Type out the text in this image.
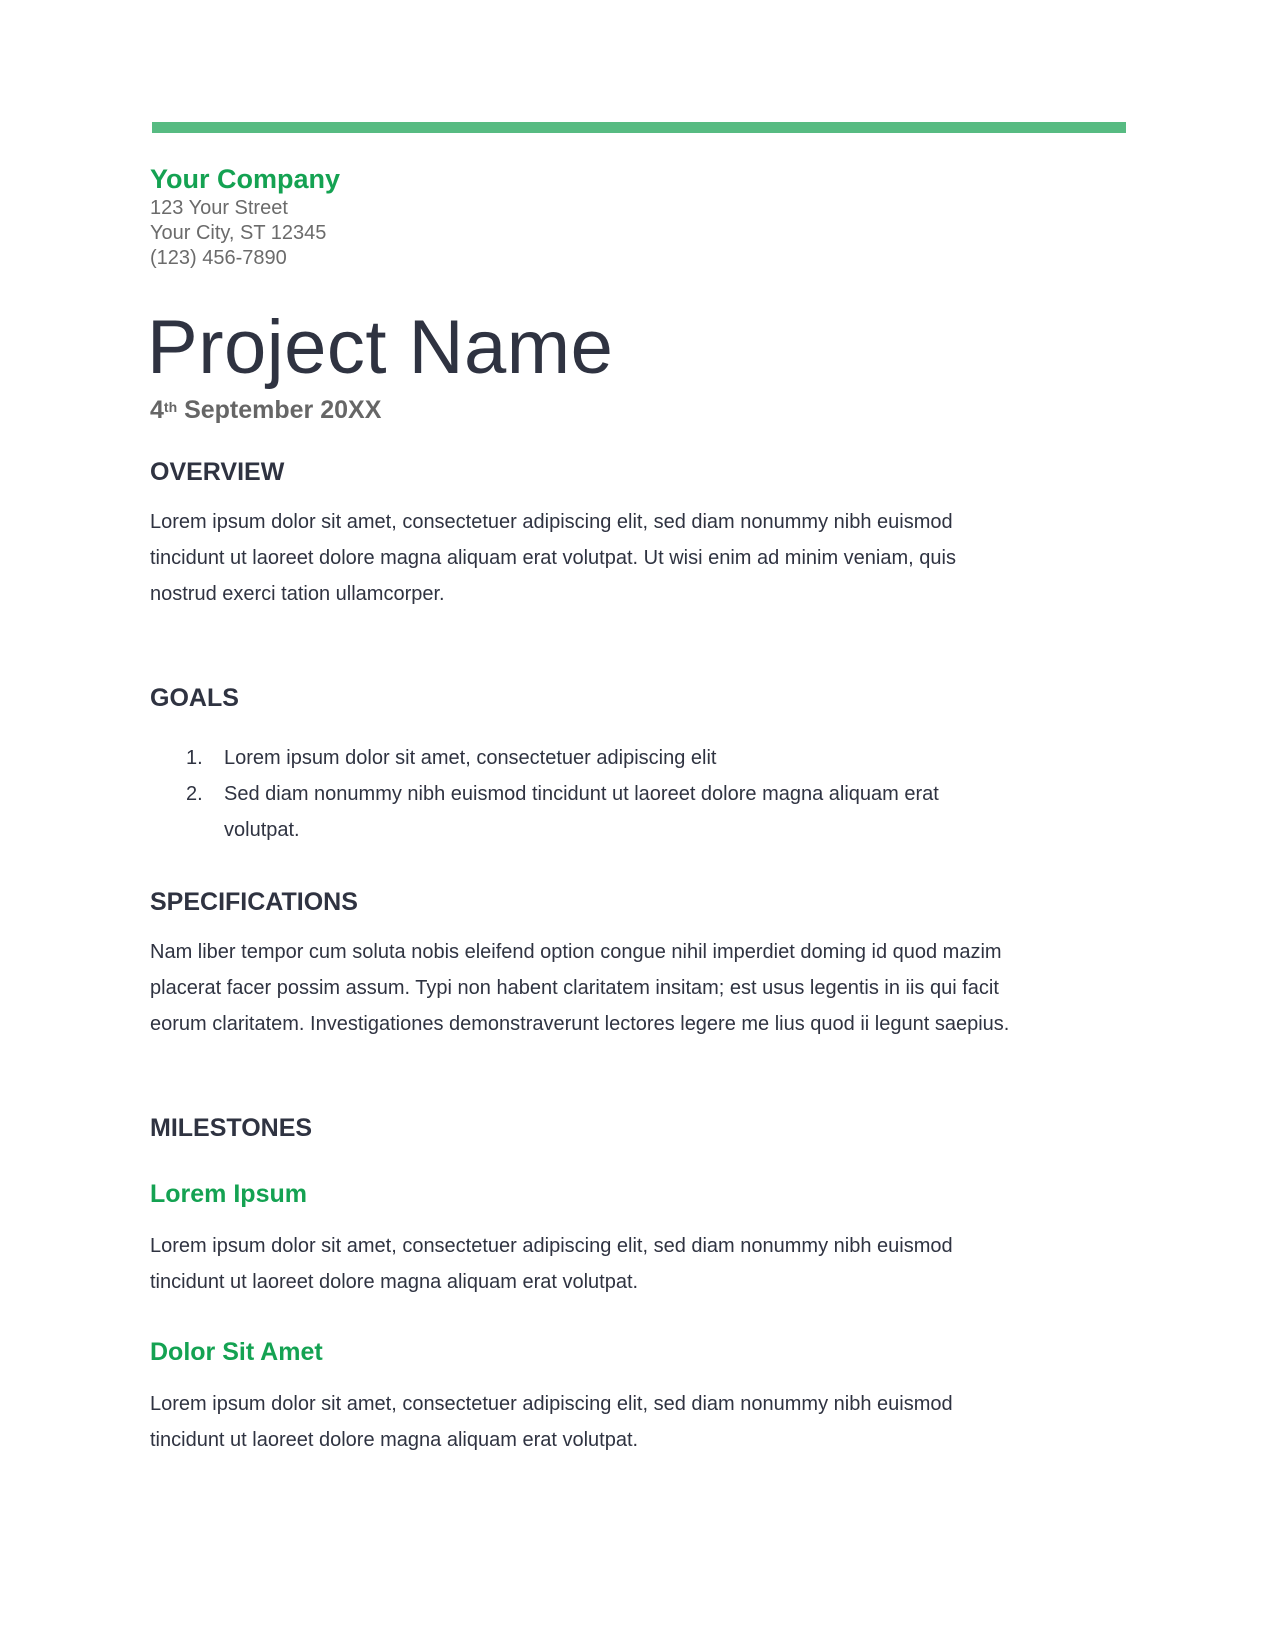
Your Company
123 Your Street
Your City, ST 12345
(123) 456-7890
Project Name
4th September 20XX
OVERVIEW
Lorem ipsum dolor sit amet, consectetuer adipiscing elit, sed diam nonummy nibh euismod
tincidunt ut laoreet dolore magna aliquam erat volutpat. Ut wisi enim ad minim veniam, quis
nostrud exerci tation ullamcorper.
GOALS
1. Lorem ipsum dolor sit amet, consectetuer adipiscing elit
2. Sed diam nonummy nibh euismod tincidunt ut laoreet dolore magna aliquam erat
volutpat.
SPECIFICATIONS
Nam liber tempor cum soluta nobis eleifend option congue nihil imperdiet doming id quod mazim
placerat facer possim assum. Typi non habent claritatem insitam; est usus legentis in iis qui facit
eorum claritatem. Investigationes demonstraverunt lectores legere me lius quod ii legunt saepius.
MILESTONES
Lorem Ipsum
Lorem ipsum dolor sit amet, consectetuer adipiscing elit, sed diam nonummy nibh euismod
tincidunt ut laoreet dolore magna aliquam erat volutpat.
Dolor Sit Amet
Lorem ipsum dolor sit amet, consectetuer adipiscing elit, sed diam nonummy nibh euismod
tincidunt ut laoreet dolore magna aliquam erat volutpat.
